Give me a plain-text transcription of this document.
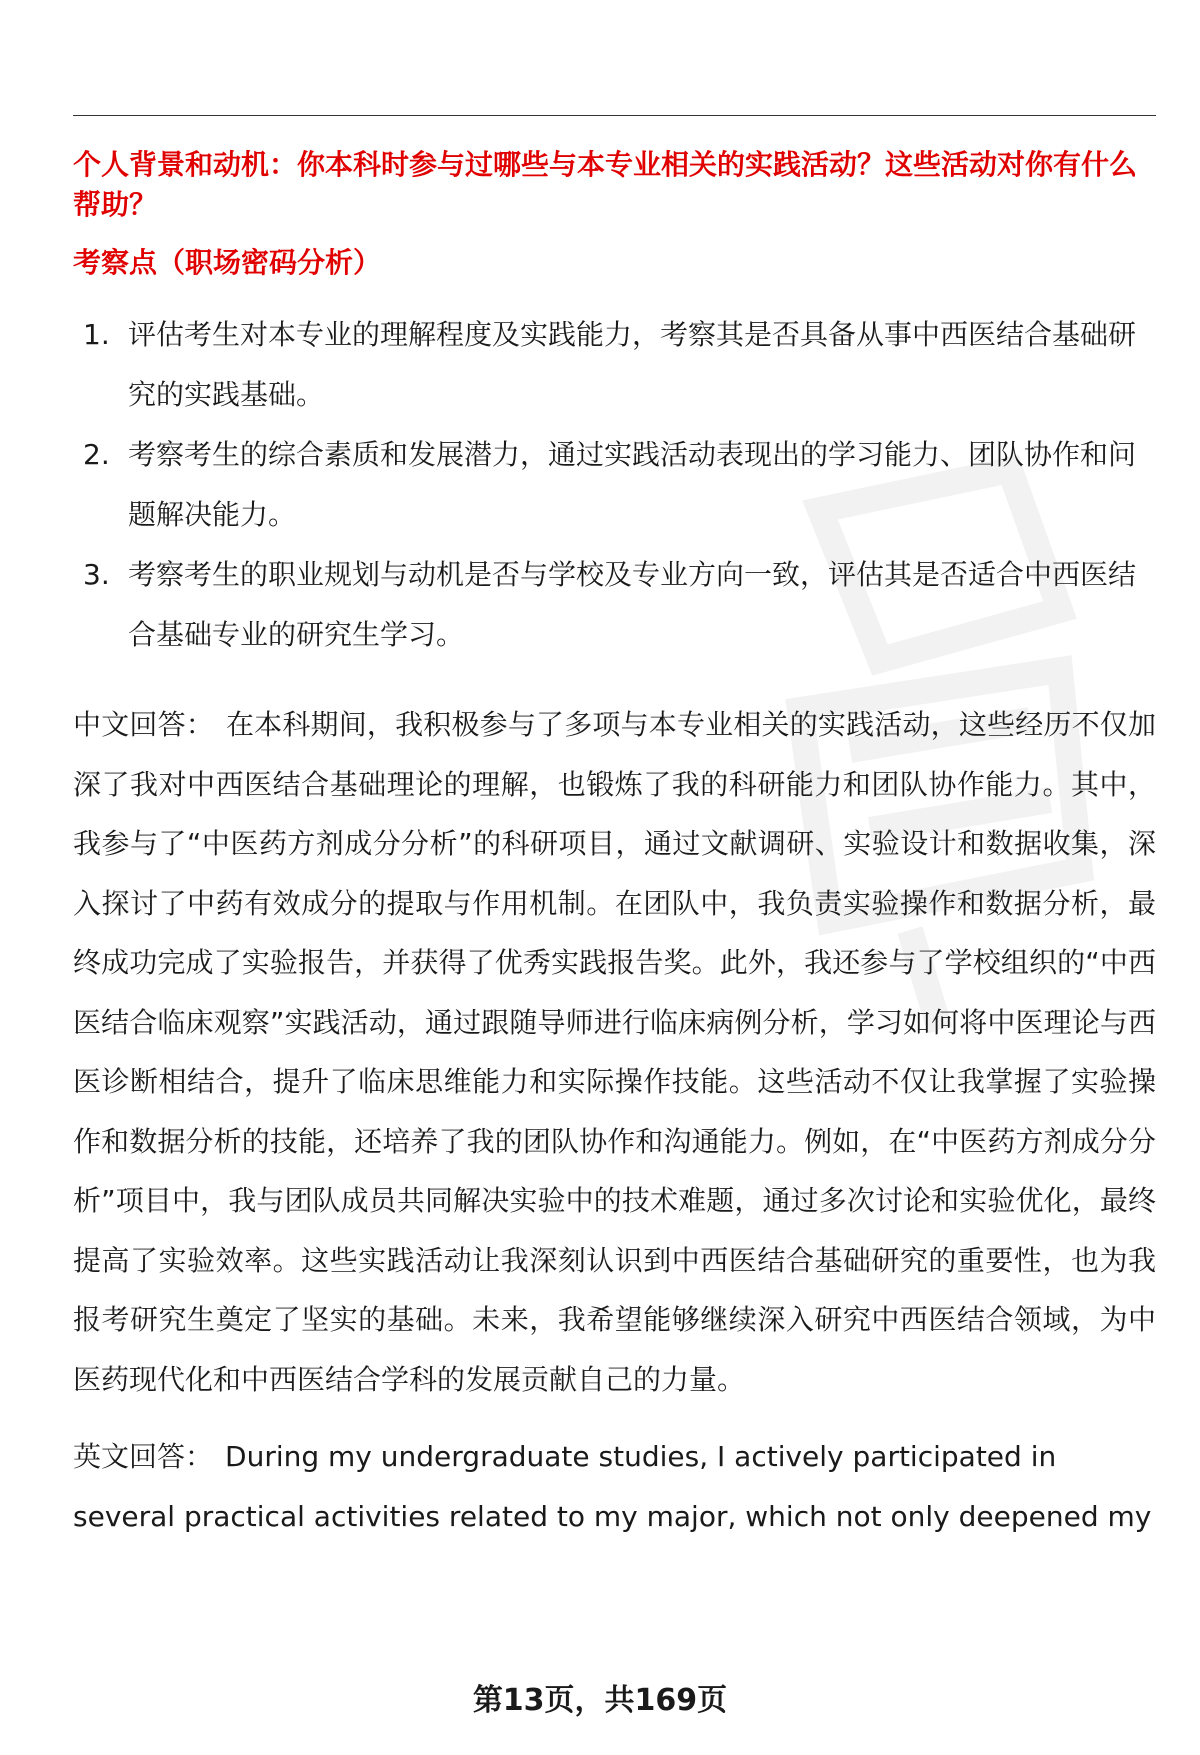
个人背景和动机：你本科时参与过哪些与本专业相关的实践活动？这些活动对你有什么帮助？

考察点（职场密码分析）

1. 评估考生对本专业的理解程度及实践能力，考察其是否具备从事中西医结合基础研究的实践基础。
2. 考察考生的综合素质和发展潜力，通过实践活动表现出的学习能力、团队协作和问题解决能力。
3. 考察考生的职业规划与动机是否与学校及专业方向一致，评估其是否适合中西医结合基础专业的研究生学习。

中文回答： 在本科期间，我积极参与了多项与本专业相关的实践活动，这些经历不仅加深了我对中西医结合基础理论的理解，也锻炼了我的科研能力和团队协作能力。其中，我参与了“中医药方剂成分分析”的科研项目，通过文献调研、实验设计和数据收集，深入探讨了中药有效成分的提取与作用机制。在团队中，我负责实验操作和数据分析，最终成功完成了实验报告，并获得了优秀实践报告奖。此外，我还参与了学校组织的“中西医结合临床观察”实践活动，通过跟随导师进行临床病例分析，学习如何将中医理论与西医诊断相结合，提升了临床思维能力和实际操作技能。这些活动不仅让我掌握了实验操作和数据分析的技能，还培养了我的团队协作和沟通能力。例如，在“中医药方剂成分分析”项目中，我与团队成员共同解决实验中的技术难题，通过多次讨论和实验优化，最终提高了实验效率。这些实践活动让我深刻认识到中西医结合基础研究的重要性，也为我报考研究生奠定了坚实的基础。未来，我希望能够继续深入研究中西医结合领域，为中医药现代化和中西医结合学科的发展贡献自己的力量。

英文回答： During my undergraduate studies, I actively participated in several practical activities related to my major, which not only deepened my

第13页，共169页
